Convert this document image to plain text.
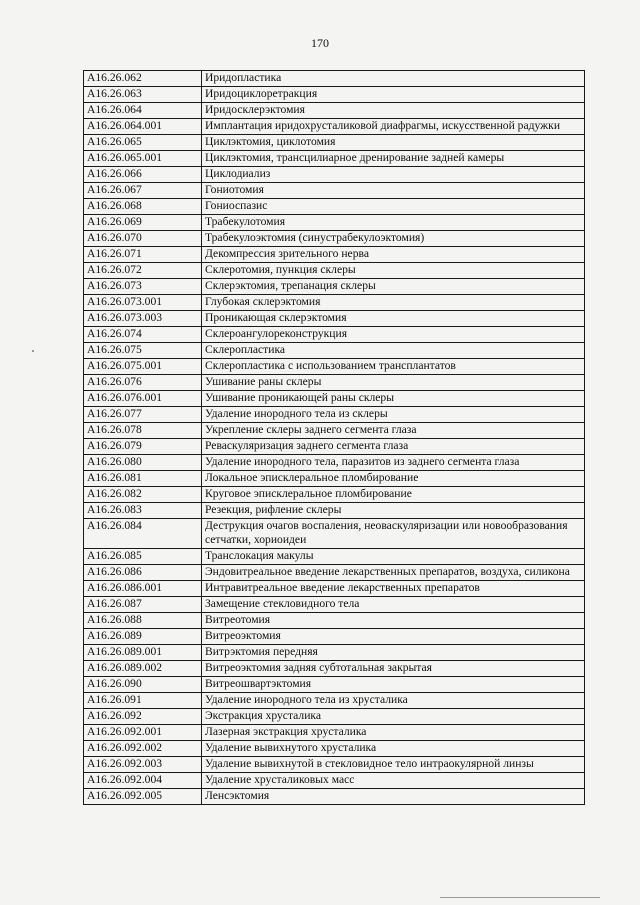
170
A16.26.062	Иридопластика
A16.26.063	Иридоциклоретракция
A16.26.064	Иридосклерэктомия
A16.26.064.001	Имплантация иридохрусталиковой диафрагмы, искусственной радужки
A16.26.065	Циклэктомия, циклотомия
A16.26.065.001	Циклэктомия, трансцилиарное дренирование задней камеры
A16.26.066	Циклодиализ
A16.26.067	Гониотомия
A16.26.068	Гониоспазис
A16.26.069	Трабекулотомия
A16.26.070	Трабекулоэктомия (синустрабекулоэктомия)
A16.26.071	Декомпрессия зрительного нерва
A16.26.072	Склеротомия, пункция склеры
A16.26.073	Склерэктомия, трепанация склеры
A16.26.073.001	Глубокая склерэктомия
A16.26.073.003	Проникающая склерэктомия
A16.26.074	Склероангулореконструкция
A16.26.075	Склеропластика
A16.26.075.001	Склеропластика с использованием трансплантатов
A16.26.076	Ушивание раны склеры
A16.26.076.001	Ушивание проникающей раны склеры
A16.26.077	Удаление инородного тела из склеры
A16.26.078	Укрепление склеры заднего сегмента глаза
A16.26.079	Реваскуляризация заднего сегмента глаза
A16.26.080	Удаление инородного тела, паразитов из заднего сегмента глаза
A16.26.081	Локальное эписклеральное пломбирование
A16.26.082	Круговое эписклеральное пломбирование
A16.26.083	Резекция, рифление склеры
A16.26.084	Деструкция очагов воспаления, неоваскуляризации или новообразования сетчатки, хориоидеи
A16.26.085	Транслокация макулы
A16.26.086	Эндовитреальное введение лекарственных препаратов, воздуха, силикона
A16.26.086.001	Интравитреальное введение лекарственных препаратов
A16.26.087	Замещение стекловидного тела
A16.26.088	Витреотомия
A16.26.089	Витреоэктомия
A16.26.089.001	Витрэктомия передняя
A16.26.089.002	Витреоэктомия задняя субтотальная закрытая
A16.26.090	Витреошвартэктомия
A16.26.091	Удаление инородного тела из хрусталика
A16.26.092	Экстракция хрусталика
A16.26.092.001	Лазерная экстракция хрусталика
A16.26.092.002	Удаление вывихнутого хрусталика
A16.26.092.003	Удаление вывихнутой в стекловидное тело интраокулярной линзы
A16.26.092.004	Удаление хрусталиковых масс
A16.26.092.005	Ленсэктомия
